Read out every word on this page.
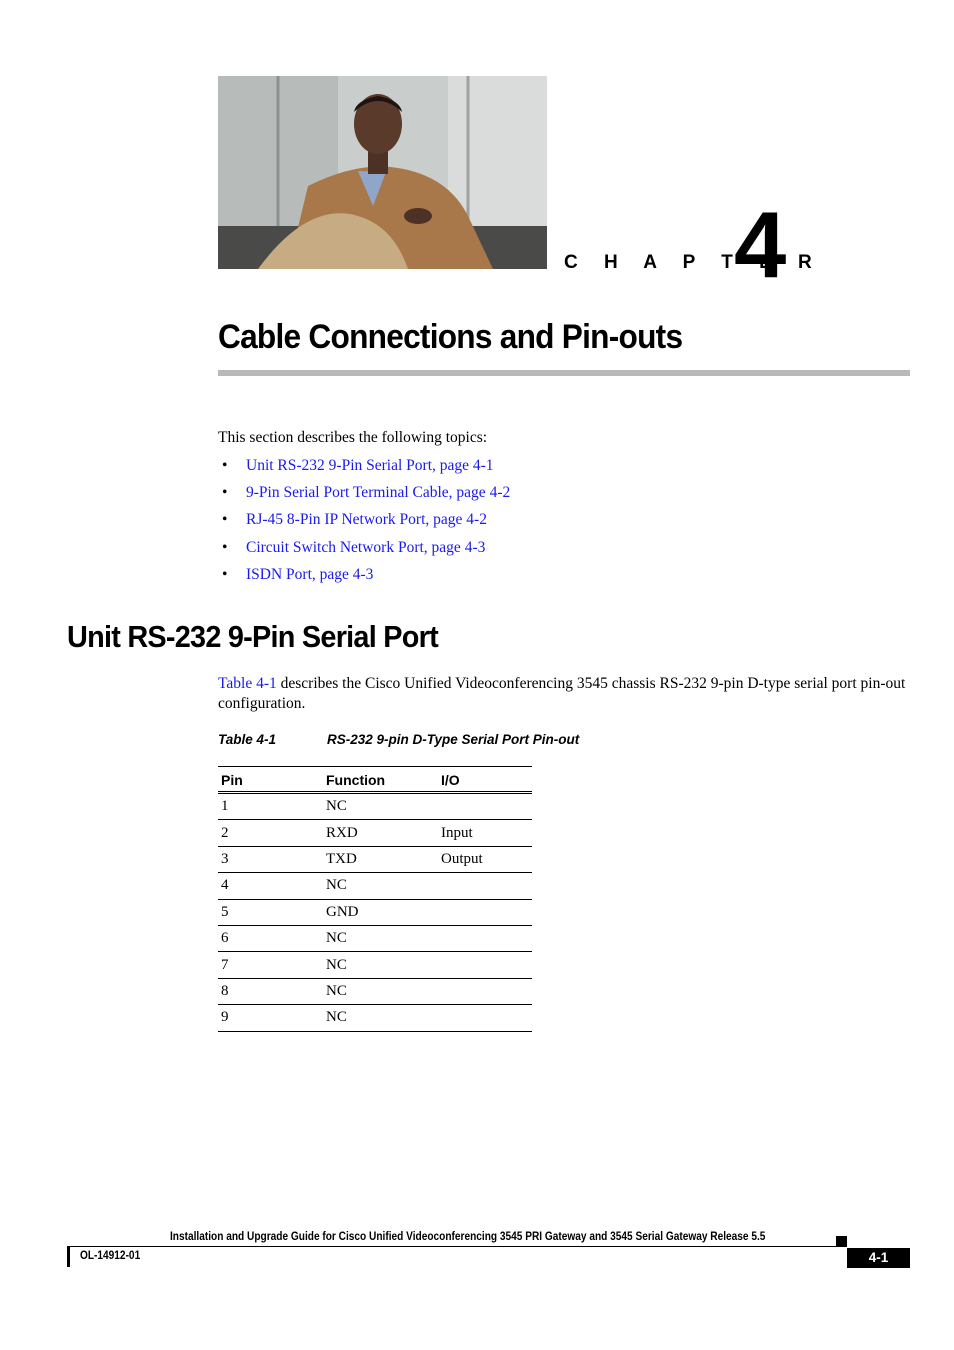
C H A P T E R
4
Cable Connections and Pin-outs
This section describes the following topics:
• Unit RS-232 9-Pin Serial Port, page 4-1
• 9-Pin Serial Port Terminal Cable, page 4-2
• RJ-45 8-Pin IP Network Port, page 4-2
• Circuit Switch Network Port, page 4-3
• ISDN Port, page 4-3
Unit RS-232 9-Pin Serial Port
Table 4-1 describes the Cisco Unified Videoconferencing 3545 chassis RS-232 9-pin D-type serial port pin-out configuration.
Table 4-1	RS-232 9-pin D-Type Serial Port Pin-out
Pin	Function	I/O
1	NC	
2	RXD	Input
3	TXD	Output
4	NC	
5	GND	
6	NC	
7	NC	
8	NC	
9	NC	
Installation and Upgrade Guide for Cisco Unified Videoconferencing 3545 PRI Gateway and 3545 Serial Gateway Release 5.5
OL-14912-01	4-1
